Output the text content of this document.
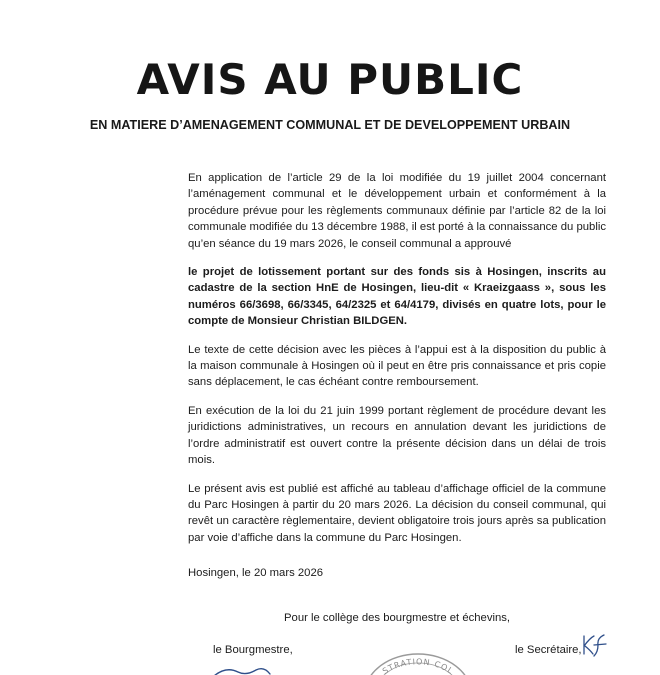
AVIS AU PUBLIC
EN MATIERE D’AMENAGEMENT COMMUNAL ET DE DEVELOPPEMENT URBAIN

En application de l’article 29 de la loi modifiée du 19 juillet 2004 concernant l’aménagement communal et le développement urbain et conformément à la procédure prévue pour les règlements communaux définie par l’article 82 de la loi communale modifiée du 13 décembre 1988, il est porté à la connaissance du public qu’en séance du 19 mars 2026, le conseil communal a approuvé

le projet de lotissement portant sur des fonds sis à Hosingen, inscrits au cadastre de la section HnE de Hosingen, lieu-dit « Kraeizgaass », sous les numéros 66/3698, 66/3345, 64/2325 et 64/4179, divisés en quatre lots, pour le compte de Monsieur Christian BILDGEN.

Le texte de cette décision avec les pièces à l’appui est à la disposition du public à la maison communale à Hosingen où il peut en être pris connaissance et pris copie sans déplacement, le cas échéant contre remboursement.

En exécution de la loi du 21 juin 1999 portant règlement de procédure devant les juridictions administratives, un recours en annulation devant les juridictions de l’ordre administratif est ouvert contre la présente décision dans un délai de trois mois.

Le présent avis est publié est affiché au tableau d’affichage officiel de la commune du Parc Hosingen à partir du 20 mars 2026. La décision du conseil communal, qui revêt un caractère règlementaire, devient obligatoire trois jours après sa publication par voie d’affiche dans la commune du Parc Hosingen.

Hosingen, le 20 mars 2026

Pour le collège des bourgmestre et échevins,
le Bourgmestre,	le Secrétaire,
STRATION COL
